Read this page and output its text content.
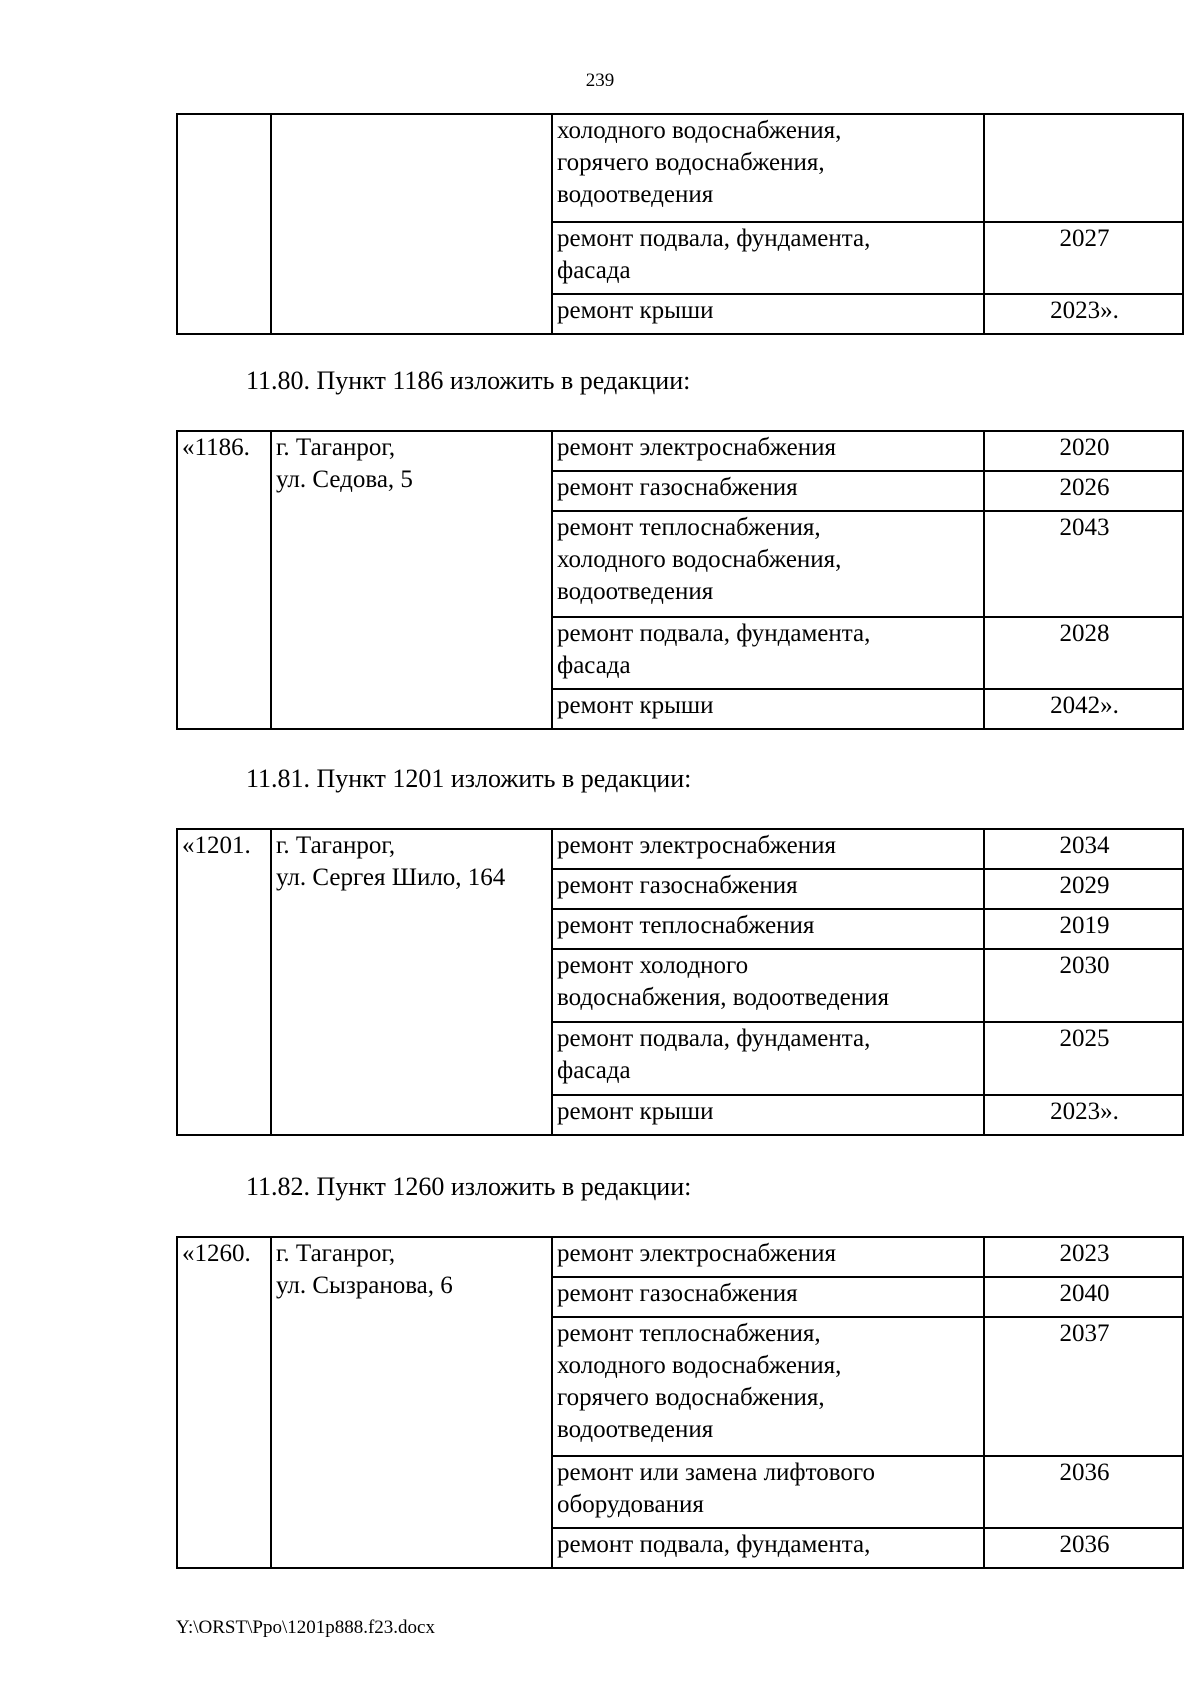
239
		холодного водоснабжения,
горячего водоснабжения,
водоотведения	
		ремонт подвала, фундамента,
фасада	2027
		ремонт крыши	2023».
11.80. Пункт 1186 изложить в редакции:
«1186.	г. Таганрог,
ул. Седова, 5	ремонт электроснабжения	2020
		ремонт газоснабжения	2026
		ремонт теплоснабжения,
холодного водоснабжения,
водоотведения	2043
		ремонт подвала, фундамента,
фасада	2028
		ремонт крыши	2042».
11.81. Пункт 1201 изложить в редакции:
«1201.	г. Таганрог,
ул. Сергея Шило, 164	ремонт электроснабжения	2034
		ремонт газоснабжения	2029
		ремонт теплоснабжения	2019
		ремонт холодного
водоснабжения, водоотведения	2030
		ремонт подвала, фундамента,
фасада	2025
		ремонт крыши	2023».
11.82. Пункт 1260 изложить в редакции:
«1260.	г. Таганрог,
ул. Сызранова, 6	ремонт электроснабжения	2023
		ремонт газоснабжения	2040
		ремонт теплоснабжения,
холодного водоснабжения,
горячего водоснабжения,
водоотведения	2037
		ремонт или замена лифтового
оборудования	2036
		ремонт подвала, фундамента,	2036
Y:\ORST\Ppo\1201p888.f23.docx
